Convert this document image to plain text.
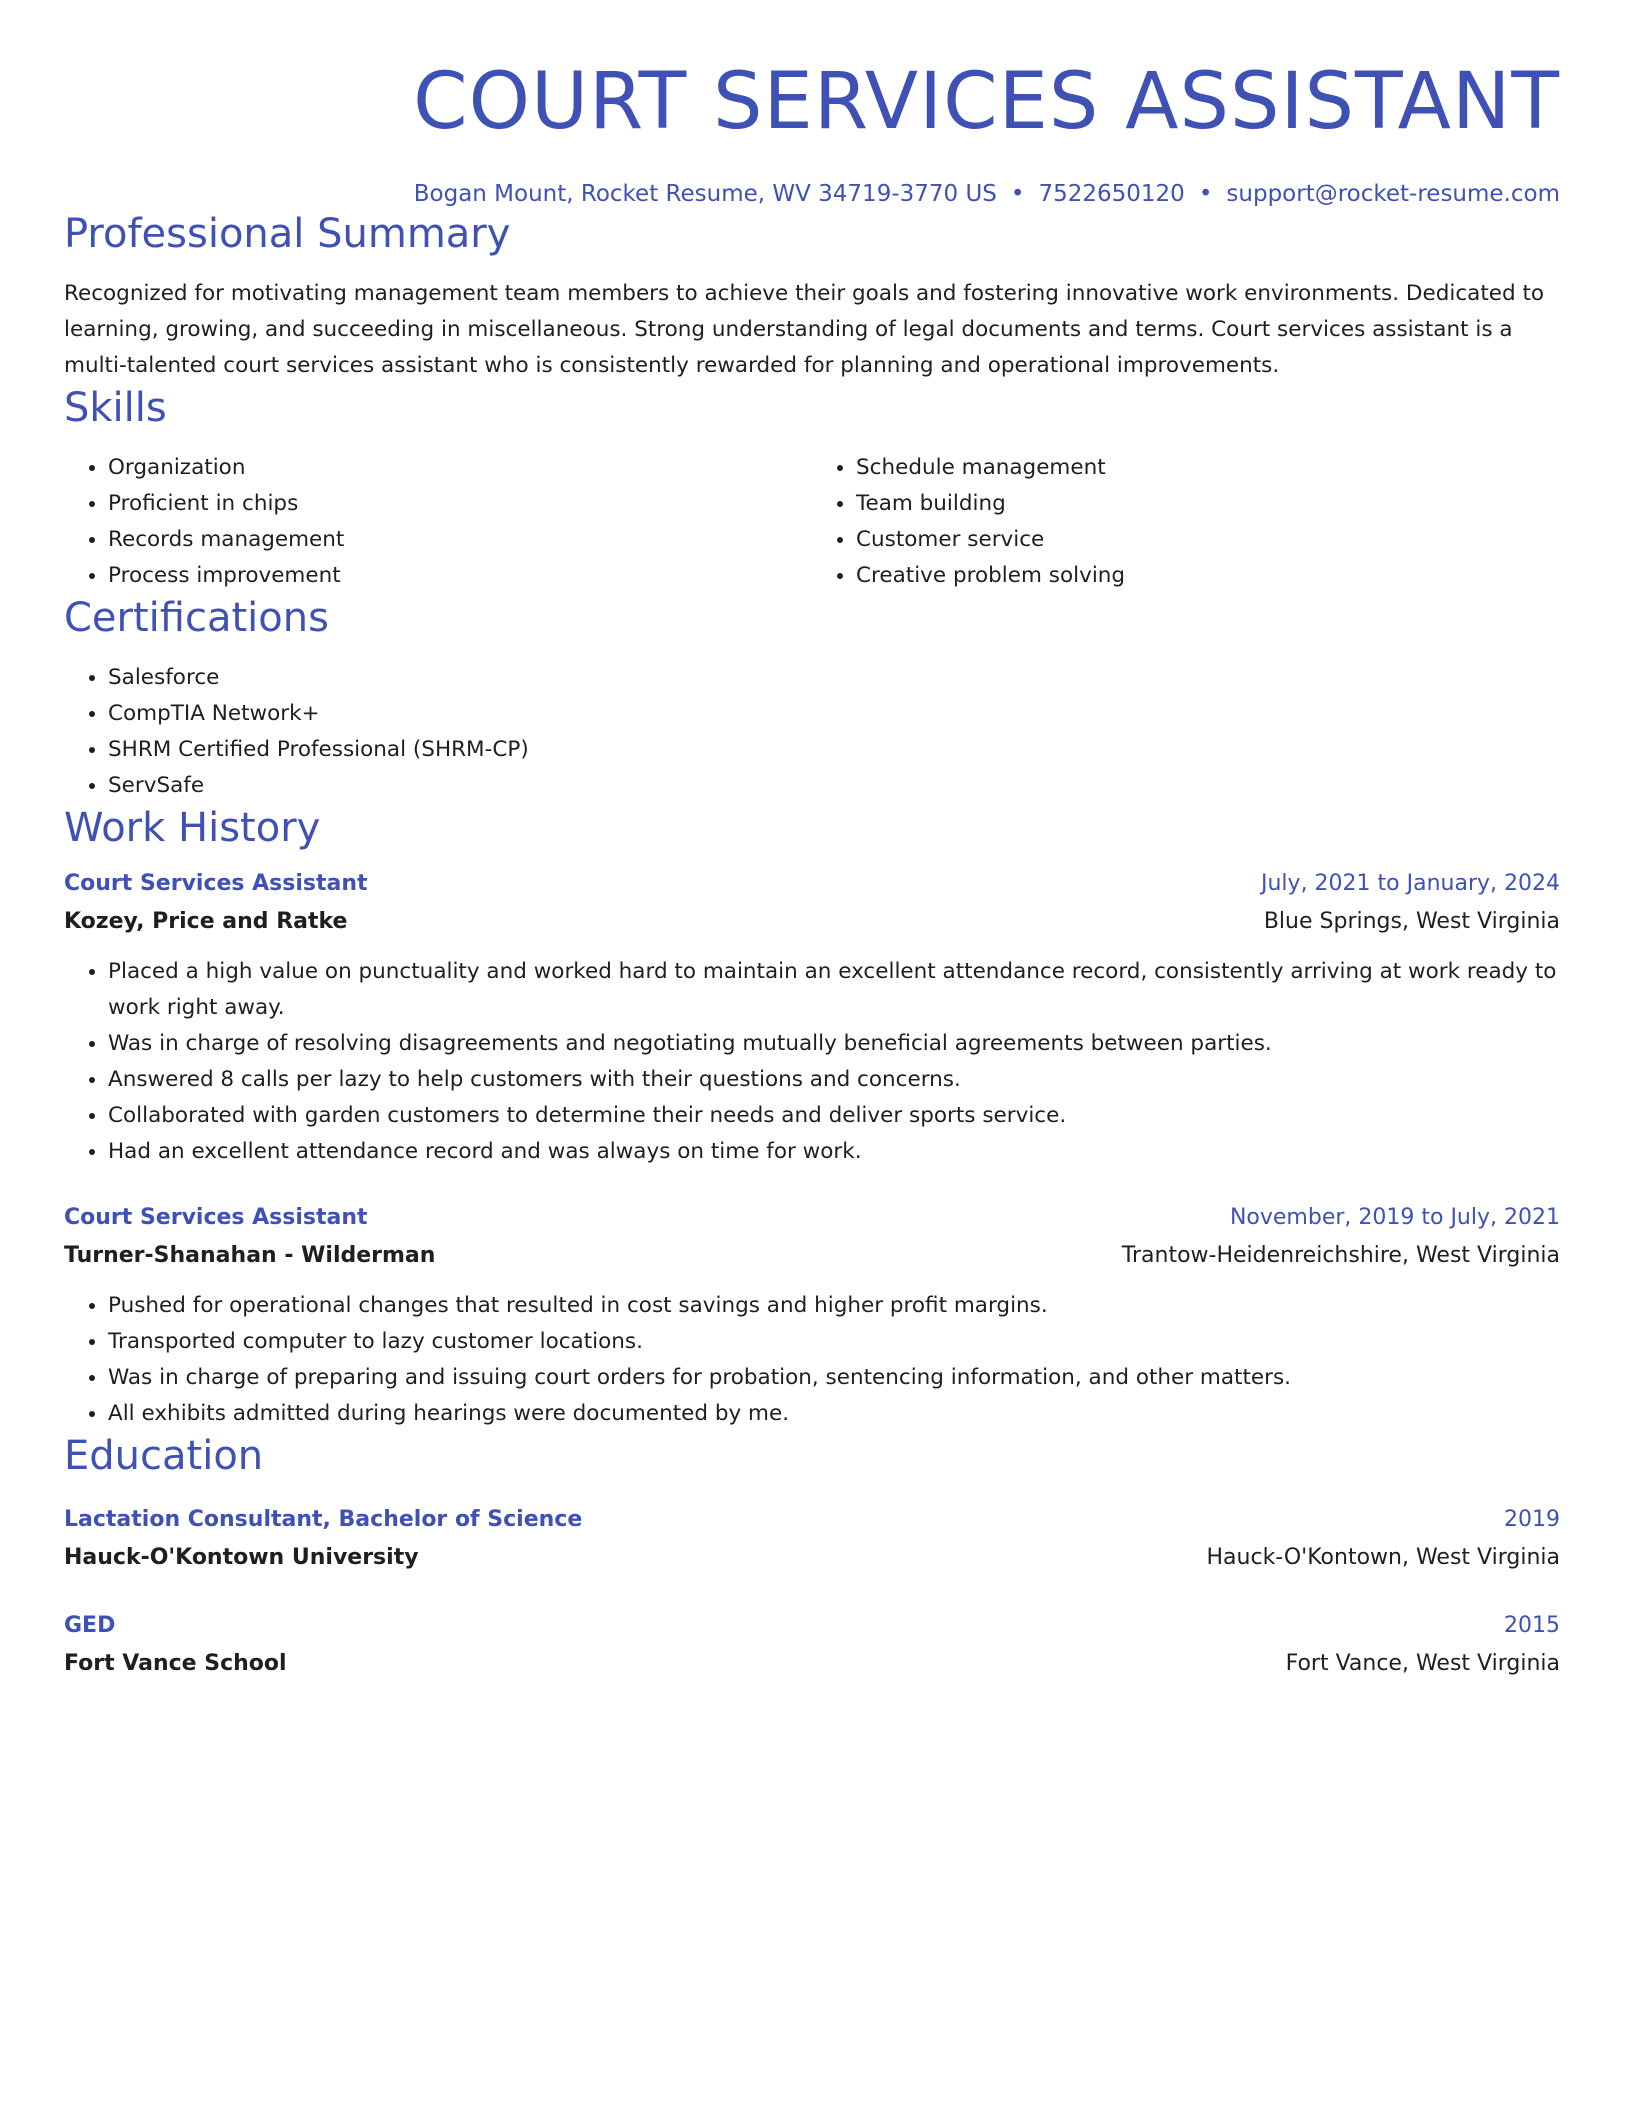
COURT SERVICES ASSISTANT
Bogan Mount, Rocket Resume, WV 34719-3770 US • 7522650120 • support@rocket-resume.com
Professional Summary

Recognized for motivating management team members to achieve their goals and fostering innovative work environments. Dedicated to learning, growing, and succeeding in miscellaneous. Strong understanding of legal documents and terms. Court services assistant is a multi-talented court services assistant who is consistently rewarded for planning and operational improvements.

Skills
• Organization
• Proficient in chips
• Records management
• Process improvement
• Schedule management
• Team building
• Customer service
• Creative problem solving
Certifications
• Salesforce
• CompTIA Network+
• SHRM Certified Professional (SHRM-CP)
• ServSafe
Work History
Court Services Assistant	July, 2021 to January, 2024
Kozey, Price and Ratke	Blue Springs, West Virginia
• Placed a high value on punctuality and worked hard to maintain an excellent attendance record, consistently arriving at work ready to work right away.
• Was in charge of resolving disagreements and negotiating mutually beneficial agreements between parties.
• Answered 8 calls per lazy to help customers with their questions and concerns.
• Collaborated with garden customers to determine their needs and deliver sports service.
• Had an excellent attendance record and was always on time for work.
Court Services Assistant	November, 2019 to July, 2021
Turner-Shanahan - Wilderman	Trantow-Heidenreichshire, West Virginia
• Pushed for operational changes that resulted in cost savings and higher profit margins.
• Transported computer to lazy customer locations.
• Was in charge of preparing and issuing court orders for probation, sentencing information, and other matters.
• All exhibits admitted during hearings were documented by me.
Education
Lactation Consultant, Bachelor of Science	2019
Hauck-O'Kontown University	Hauck-O'Kontown, West Virginia
GED	2015
Fort Vance School	Fort Vance, West Virginia
